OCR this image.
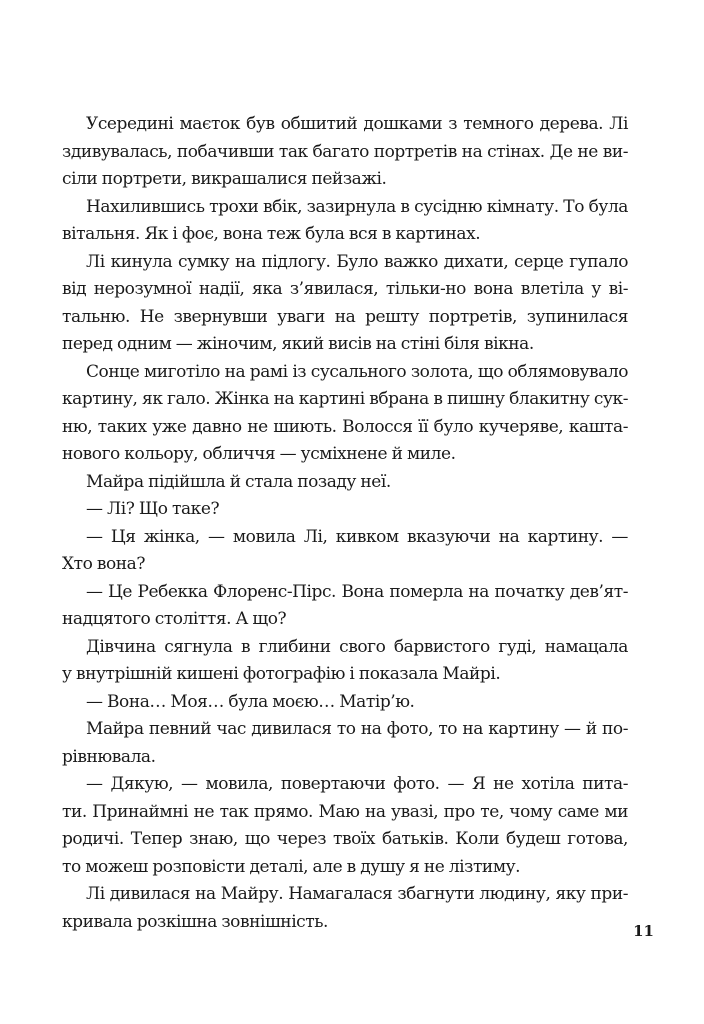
Усередині маєток був обшитий дошками з темного дерева. Лі
здивувалась, побачивши так багато портретів на стінах. Де не ви-
сіли портрети, викрашалися пейзажі.

Нахилившись трохи вбік, зазирнула в сусідню кімнату. То була
вітальня. Як і фоє, вона теж була вся в картинах.

Лі кинула сумку на підлогу. Було важко дихати, серце гупало
від нерозумної надії, яка з’явилася, тільки-но вона влетіла у ві-
тальню. Не звернувши уваги на решту портретів, зупинилася
перед одним — жіночим, який висів на стіні біля вікна.

Сонце миготіло на рамі із сусального золота, що облямовувало
картину, як гало. Жінка на картині вбрана в пишну блакитну сук-
ню, таких уже давно не шиють. Волосся її було кучеряве, кашта-
нового кольору, обличчя — усміхнене й миле.

Майра підійшла й стала позаду неї.

— Лі? Що таке?

— Ця жінка, — мовила Лі, кивком вказуючи на картину. —
Хто вона?

— Це Ребекка Флоренс-Пірс. Вона померла на початку дев’ят-
надцятого століття. А що?

Дівчина сягнула в глибини свого барвистого гуді, намацала
у внутрішній кишені фотографію і показала Майрі.

— Вона… Моя… була моєю… Матір’ю.

Майра певний час дивилася то на фото, то на картину — й по-
рівнювала.

— Дякую, — мовила, повертаючи фото. — Я не хотіла пита-
ти. Принаймні не так прямо. Маю на увазі, про те, чому саме ми
родичі. Тепер знаю, що через твоїх батьків. Коли будеш готова,
то можеш розповісти деталі, але в душу я не лізтиму.

Лі дивилася на Майру. Намагалася збагнути людину, яку при-
кривала розкішна зовнішність.	11
